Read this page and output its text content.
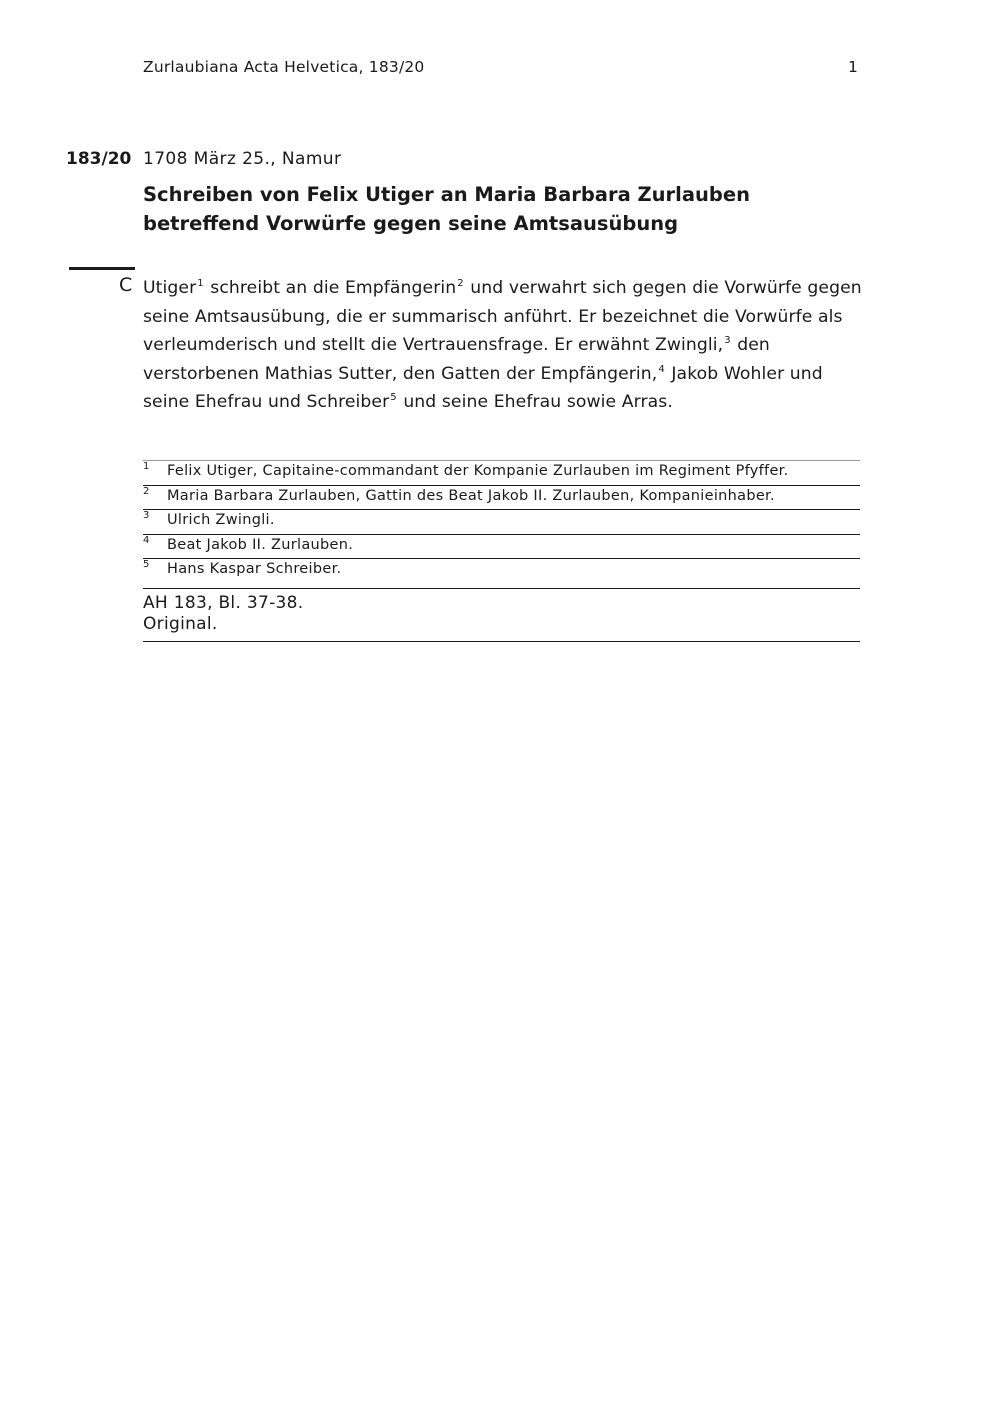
Zurlaubiana Acta Helvetica, 183/20	1
183/20 1708 März 25., Namur
Schreiben von Felix Utiger an Maria Barbara Zurlauben betreffend Vorwürfe gegen seine Amtsausübung
C Utiger$^1$ schreibt an die Empfängerin$^2$ und verwahrt sich gegen die Vorwürfe gegen seine Amtsausübung, die er summarisch anführt. Er bezeichnet die Vorwürfe als verleumderisch und stellt die Vertrauensfrage. Er erwähnt Zwingli,$^3$ den verstorbenen Mathias Sutter, den Gatten der Empfängerin,$^4$ Jakob Wohler und seine Ehefrau und Schreiber$^5$ und seine Ehefrau sowie Arras.

1 Felix Utiger, Capitaine-commandant der Kompanie Zurlauben im Regiment Pfyffer.
2 Maria Barbara Zurlauben, Gattin des Beat Jakob II. Zurlauben, Kompanieinhaber.
3 Ulrich Zwingli.
4 Beat Jakob II. Zurlauben.
5 Hans Kaspar Schreiber.
AH 183, Bl. 37-38.
Original.
